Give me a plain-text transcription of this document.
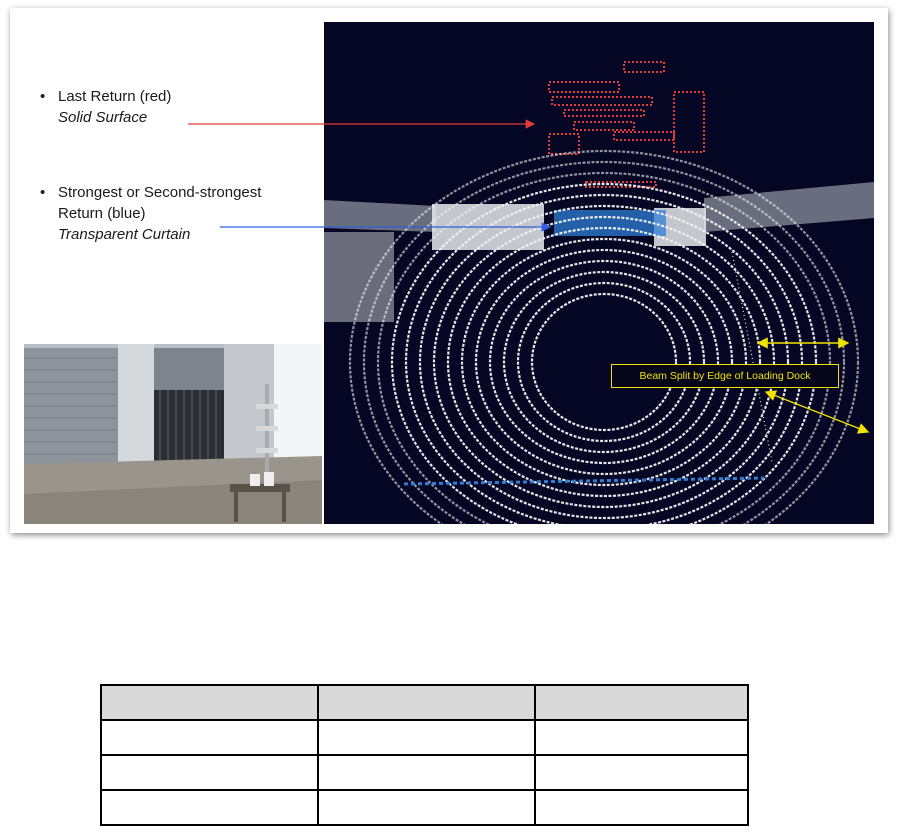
• Last Return (red)
Solid Surface
• Strongest or Second-strongest
Return (blue)
Transparent Curtain
Beam Split by Edge of Loading Dock
